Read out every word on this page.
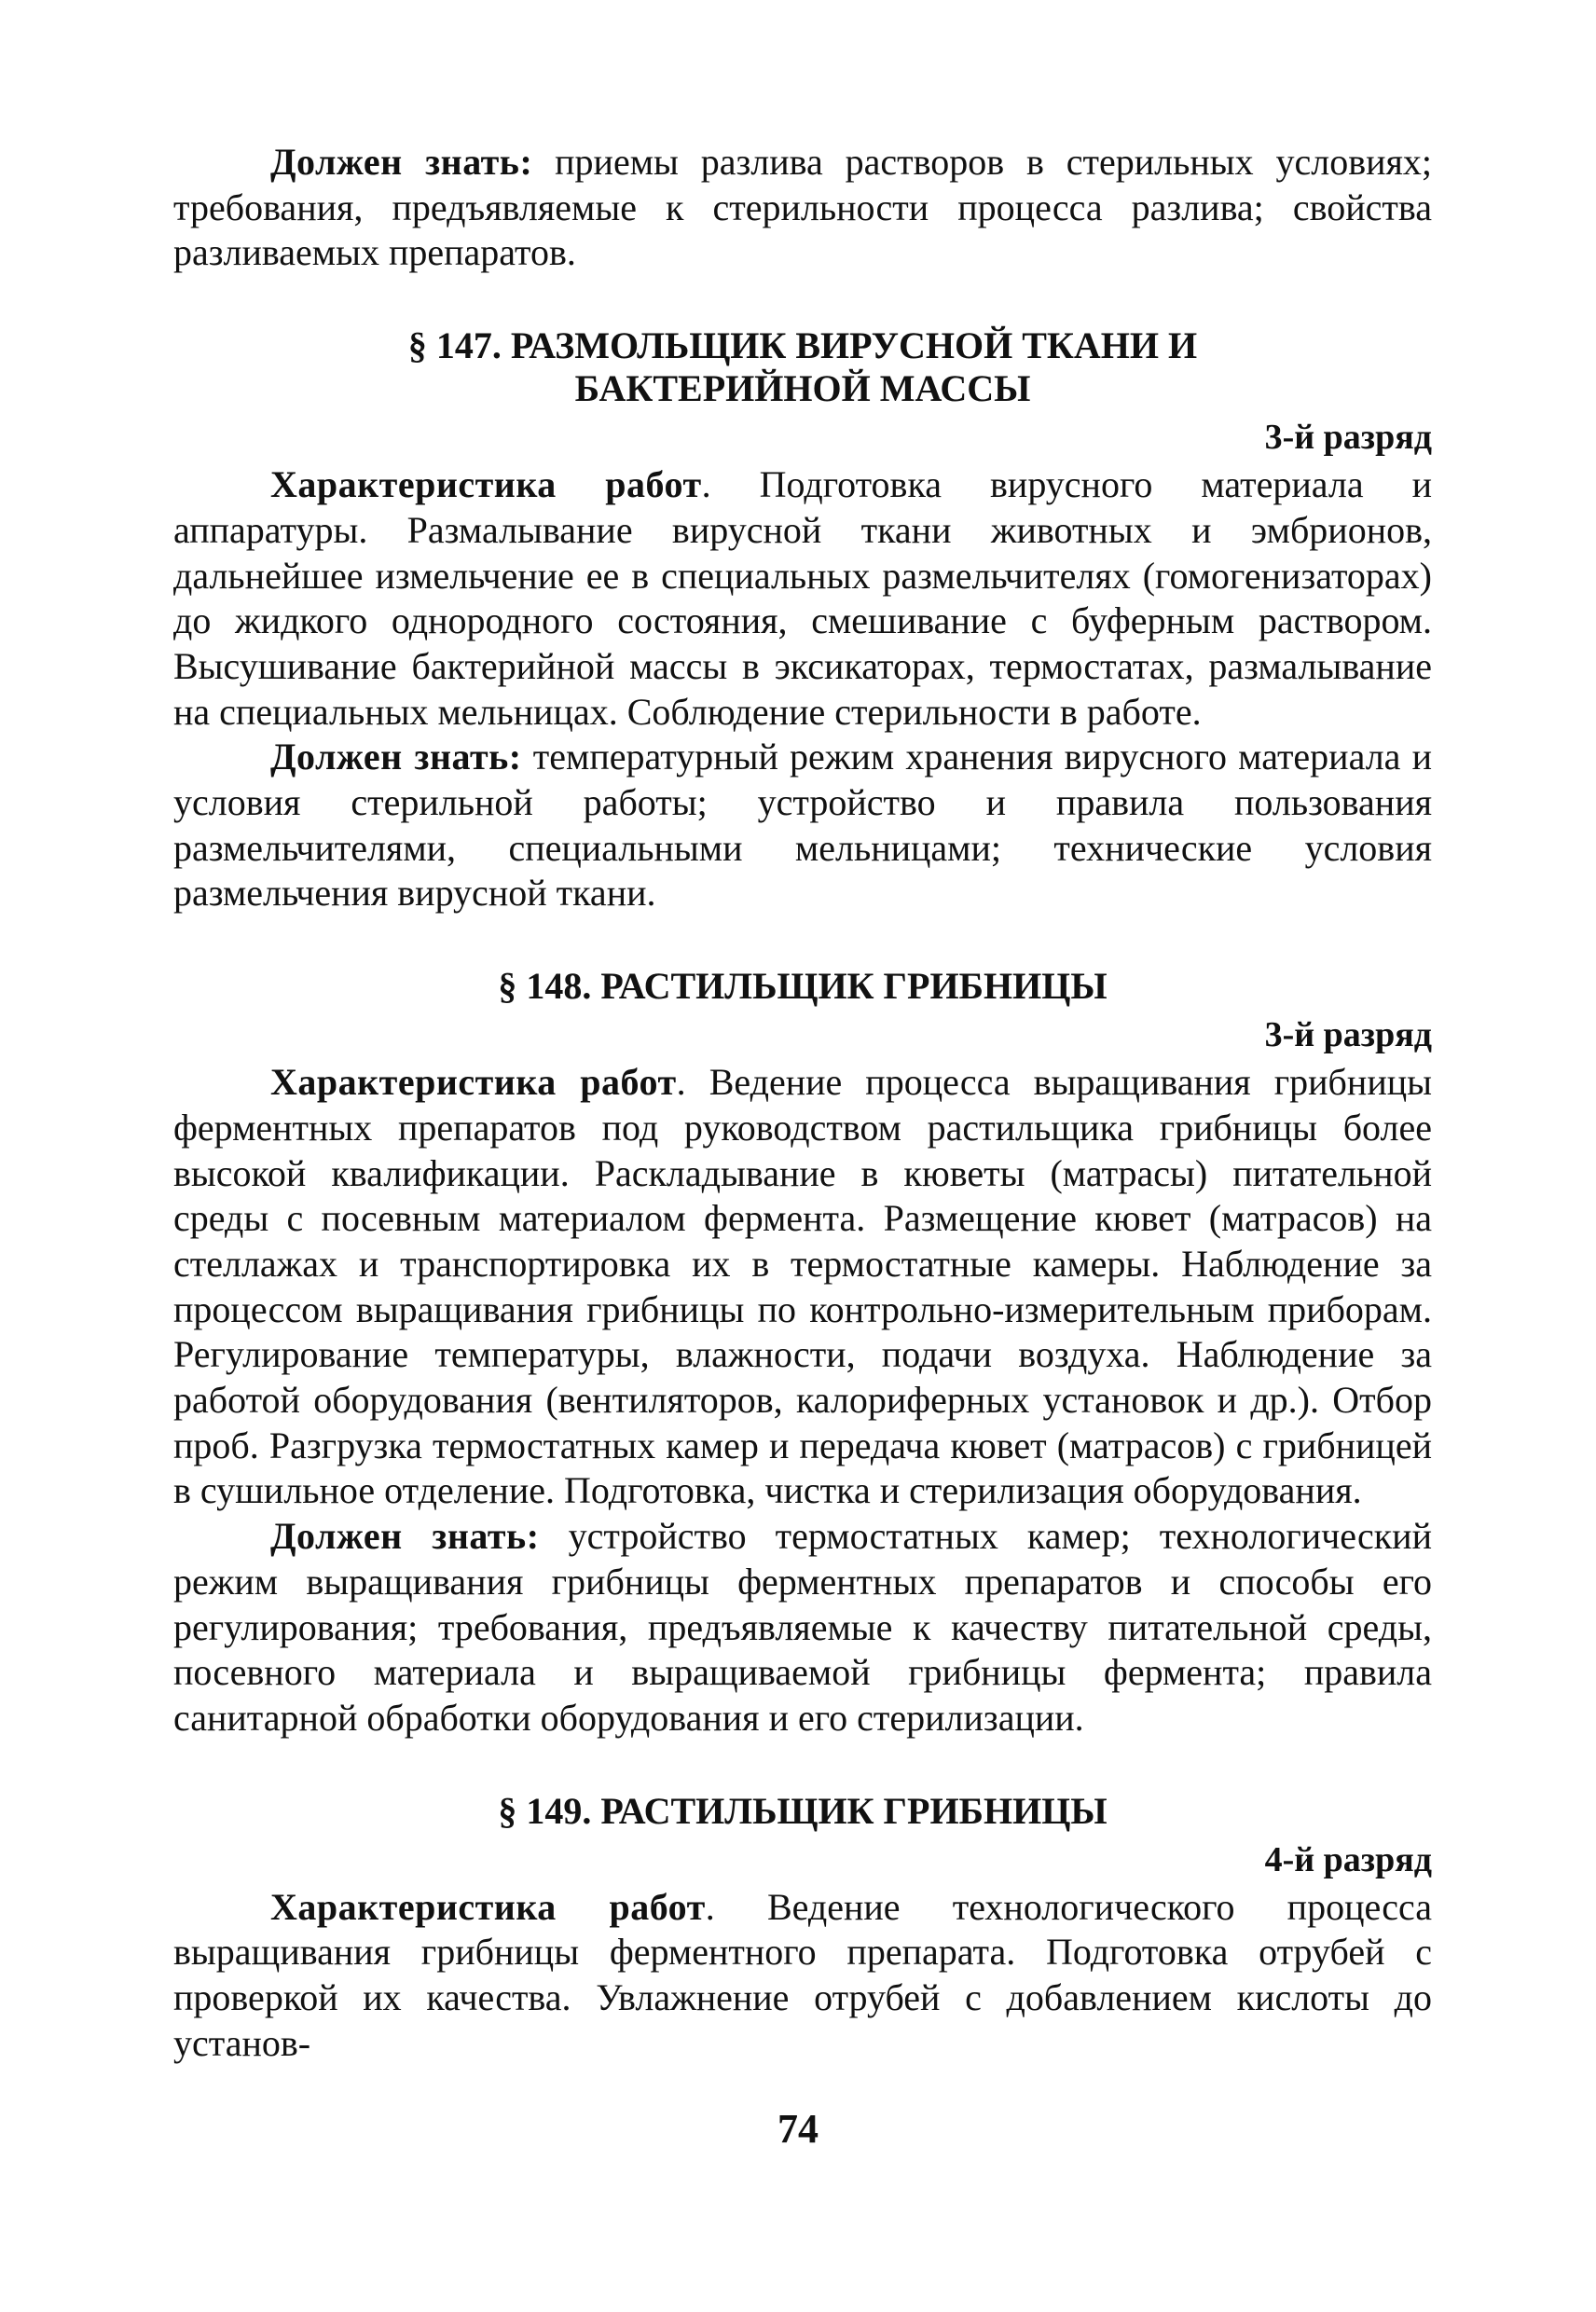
Должен знать: приемы разлива растворов в стерильных условиях; требования, предъявляемые к стерильности процесса разлива; свойства разливаемых препаратов.

§ 147. РАЗМОЛЬЩИК ВИРУСНОЙ ТКАНИ И
БАКТЕРИЙНОЙ МАССЫ
3-й разряд

Характеристика работ. Подготовка вирусного материала и аппаратуры. Размалывание вирусной ткани животных и эмбрионов, дальнейшее измельчение ее в специальных размельчителях (гомогенизаторах) до жидкого однородного состояния, смешивание с буферным раствором. Высушивание бактерийной массы в эксикаторах, термостатах, размалывание на специальных мельницах. Соблюдение стерильности в работе.

Должен знать: температурный режим хранения вирусного материала и условия стерильной работы; устройство и правила пользования размельчителями, специальными мельницами; технические условия размельчения вирусной ткани.

§ 148. РАСТИЛЬЩИК ГРИБНИЦЫ
3-й разряд

Характеристика работ. Ведение процесса выращивания грибницы ферментных препаратов под руководством растильщика грибницы более высокой квалификации. Раскладывание в кюветы (матрасы) питательной среды с посевным материалом фермента. Размещение кювет (матрасов) на стеллажах и транспортировка их в термостатные камеры. Наблюдение за процессом выращивания грибницы по контрольно-измерительным приборам. Регулирование температуры, влажности, подачи воздуха. Наблюдение за работой оборудования (вентиляторов, калориферных установок и др.). Отбор проб. Разгрузка термостатных камер и передача кювет (матрасов) с грибницей в сушильное отделение. Подготовка, чистка и стерилизация оборудования.

Должен знать: устройство термостатных камер; технологический режим выращивания грибницы ферментных препаратов и способы его регулирования; требования, предъявляемые к качеству питательной среды, посевного материала и выращиваемой грибницы фермента; правила санитарной обработки оборудования и его стерилизации.

§ 149. РАСТИЛЬЩИК ГРИБНИЦЫ
4-й разряд

Характеристика работ. Ведение технологического процесса выращивания грибницы ферментного препарата. Подготовка отрубей с проверкой их качества. Увлажнение отрубей с добавлением кислоты до установ-

74
